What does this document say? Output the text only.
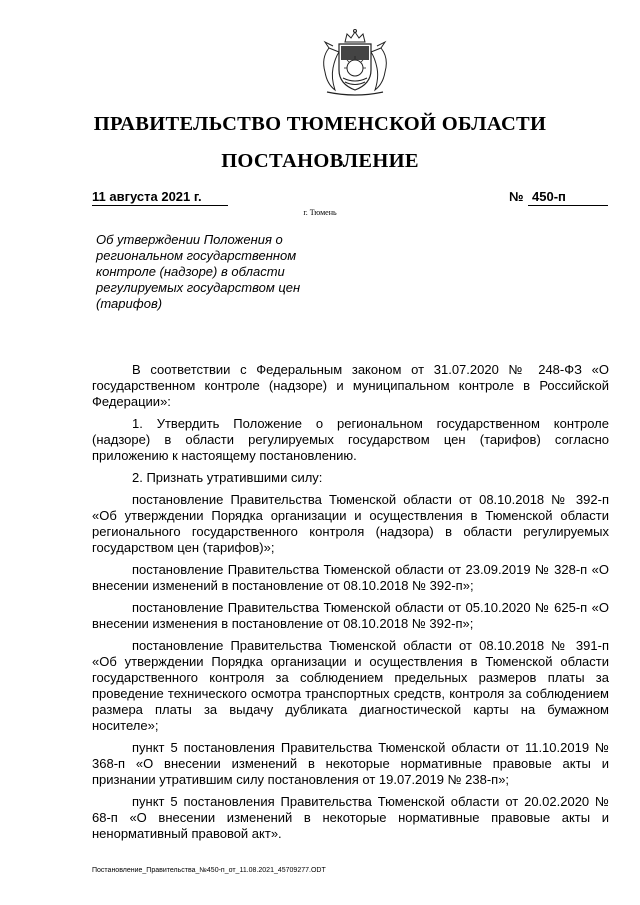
ПРАВИТЕЛЬСТВО ТЮМЕНСКОЙ ОБЛАСТИ
ПОСТАНОВЛЕНИЕ
11 августа 2021 г.	№ 450-п
г. Тюмень
Об утверждении Положения о региональном государственном контроле (надзоре) в области регулируемых государством цен (тарифов)

В соответствии с Федеральным законом от 31.07.2020 № 248-ФЗ «О государственном контроле (надзоре) и муниципальном контроле в Российской Федерации»:

1. Утвердить Положение о региональном государственном контроле (надзоре) в области регулируемых государством цен (тарифов) согласно приложению к настоящему постановлению.

2. Признать утратившими силу:

постановление Правительства Тюменской области от 08.10.2018 № 392-п «Об утверждении Порядка организации и осуществления в Тюменской области регионального государственного контроля (надзора) в области регулируемых государством цен (тарифов)»;

постановление Правительства Тюменской области от 23.09.2019 № 328-п «О внесении изменений в постановление от 08.10.2018 № 392-п»;

постановление Правительства Тюменской области от 05.10.2020 № 625-п «О внесении изменения в постановление от 08.10.2018 № 392-п»;

постановление Правительства Тюменской области от 08.10.2018 № 391-п «Об утверждении Порядка организации и осуществления в Тюменской области государственного контроля за соблюдением предельных размеров платы за проведение технического осмотра транспортных средств, контроля за соблюдением размера платы за выдачу дубликата диагностической карты на бумажном носителе»;

пункт 5 постановления Правительства Тюменской области от 11.10.2019 № 368-п «О внесении изменений в некоторые нормативные правовые акты и признании утратившим силу постановления от 19.07.2019 № 238-п»;

пункт 5 постановления Правительства Тюменской области от 20.02.2020 № 68-п «О внесении изменений в некоторые нормативные правовые акты и ненормативный правовой акт».

Постановление_Правительства_№450-п_от_11.08.2021_45709277.ODT
